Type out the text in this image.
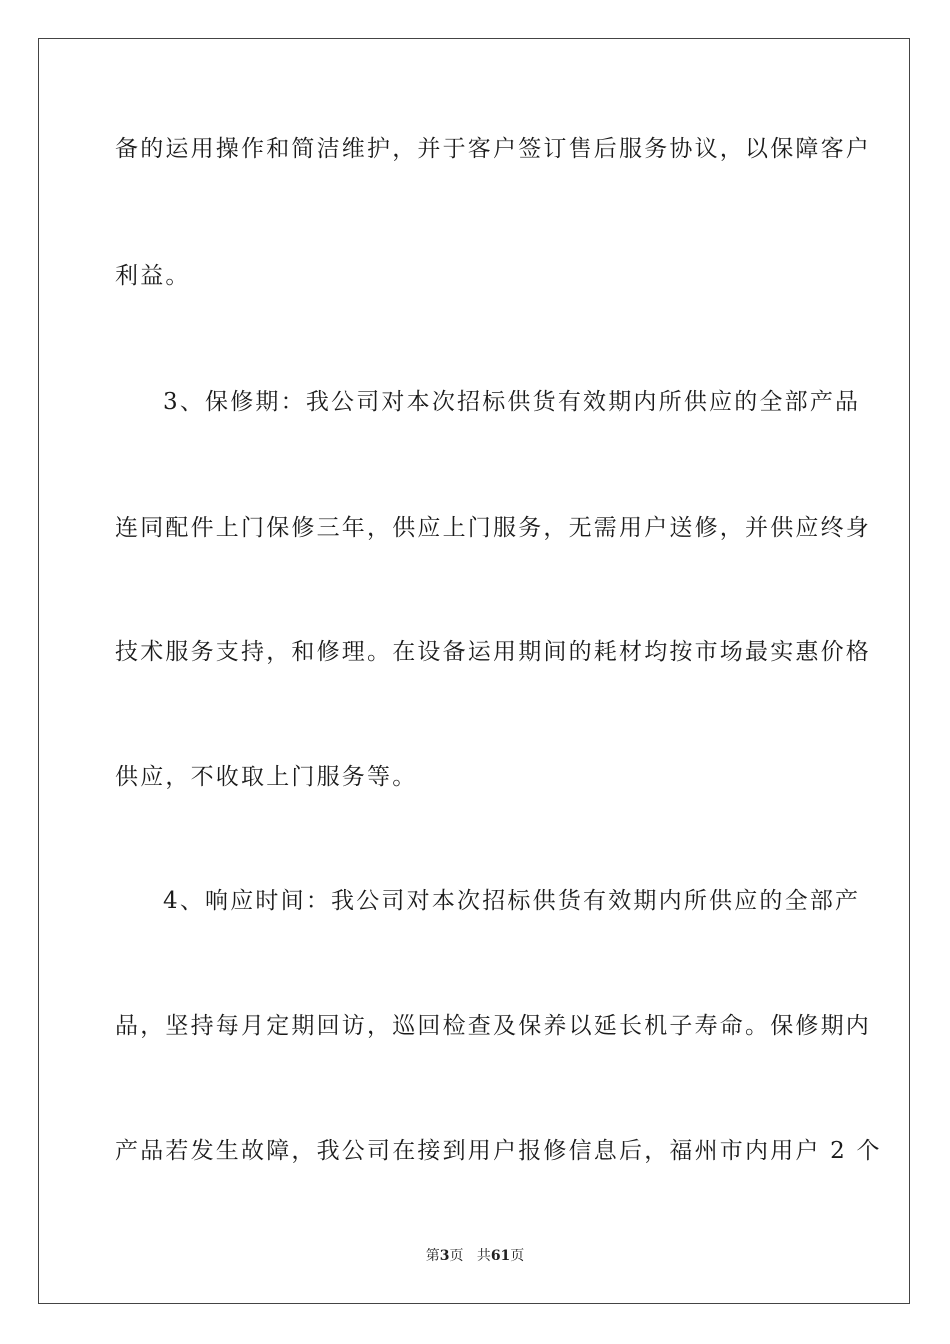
备的运用操作和简洁维护，并于客户签订售后服务协议，以保障客户
利益。
3、保修期：我公司对本次招标供货有效期内所供应的全部产品
连同配件上门保修三年，供应上门服务，无需用户送修，并供应终身
技术服务支持，和修理。在设备运用期间的耗材均按市场最实惠价格
供应，不收取上门服务等。
4、响应时间：我公司对本次招标供货有效期内所供应的全部产
品，坚持每月定期回访，巡回检查及保养以延长机子寿命。保修期内
产品若发生故障，我公司在接到用户报修信息后，福州市内用户 2 个
第3页 共61页
